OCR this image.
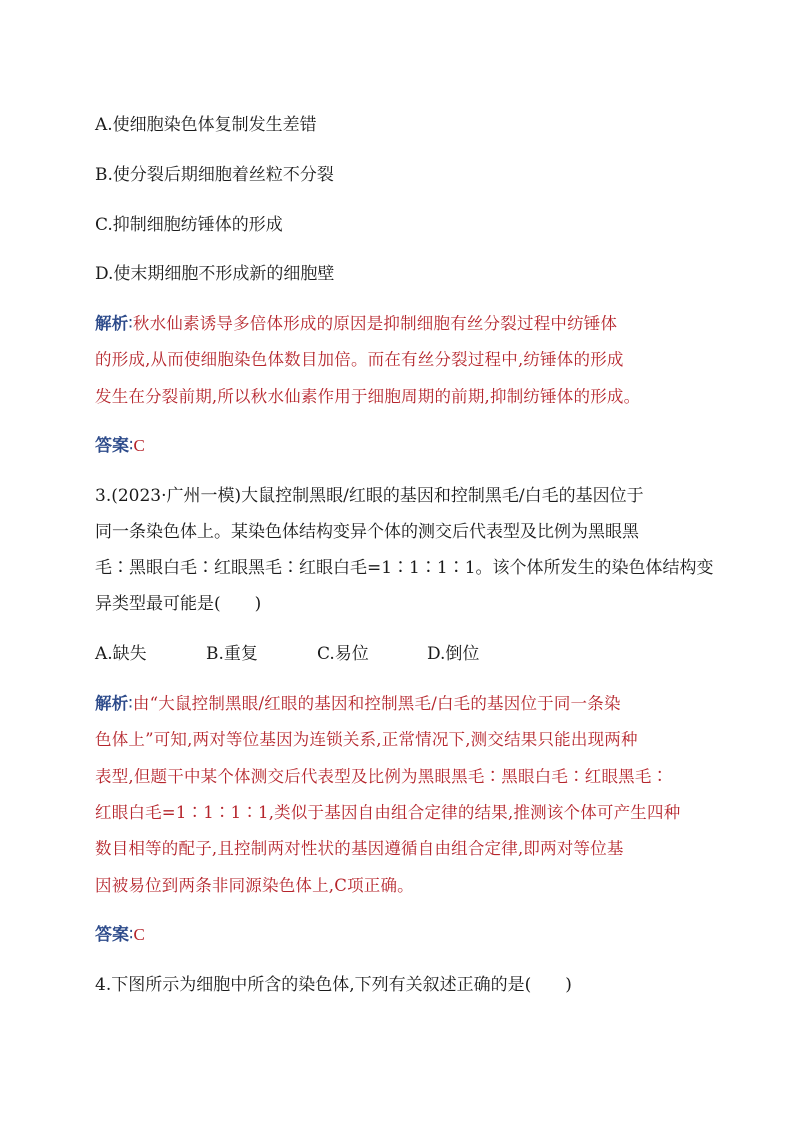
A.使细胞染色体复制发生差错
B.使分裂后期细胞着丝粒不分裂
C.抑制细胞纺锤体的形成
D.使末期细胞不形成新的细胞壁
解析∶秋水仙素诱导多倍体形成的原因是抑制细胞有丝分裂过程中纺锤体
的形成,从而使细胞染色体数目加倍。而在有丝分裂过程中,纺锤体的形成
发生在分裂前期,所以秋水仙素作用于细胞周期的前期,抑制纺锤体的形成。
答案∶C
3.(2023·广州一模)大鼠控制黑眼/红眼的基因和控制黑毛/白毛的基因位于
同一条染色体上。某染色体结构变异个体的测交后代表型及比例为黑眼黑
毛∶黑眼白毛∶红眼黑毛∶红眼白毛=1∶1∶1∶1。该个体所发生的染色体结构变
异类型最可能是(　　)
A.缺失	B.重复	C.易位	D.倒位
解析∶由“大鼠控制黑眼/红眼的基因和控制黑毛/白毛的基因位于同一条染
色体上”可知,两对等位基因为连锁关系,正常情况下,测交结果只能出现两种
表型,但题干中某个体测交后代表型及比例为黑眼黑毛∶黑眼白毛∶红眼黑毛∶
红眼白毛=1∶1∶1∶1,类似于基因自由组合定律的结果,推测该个体可产生四种
数目相等的配子,且控制两对性状的基因遵循自由组合定律,即两对等位基
因被易位到两条非同源染色体上,C项正确。
答案∶C
4.下图所示为细胞中所含的染色体,下列有关叙述正确的是(　　)
